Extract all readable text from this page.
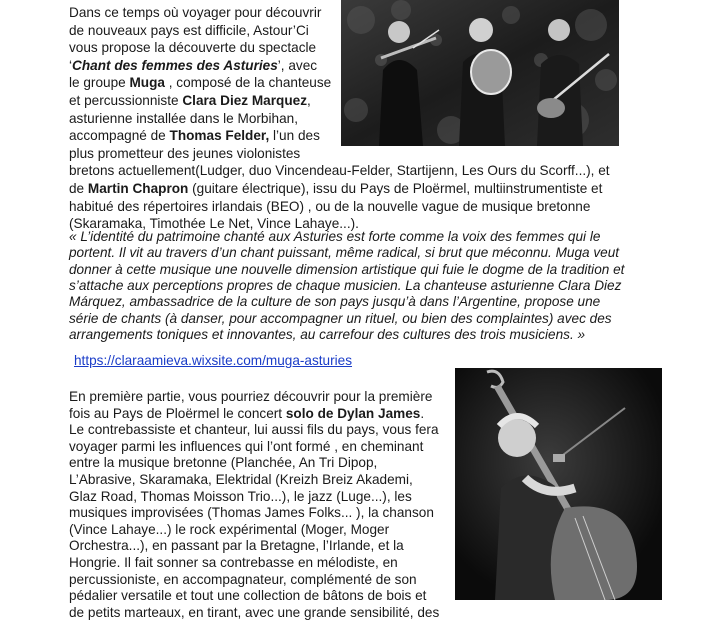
Dans ce temps où voyager pour découvrir
de nouveaux pays est difficile, Astour’Ci
vous propose la découverte du spectacle
‘Chant des femmes des Asturies’, avec
le groupe Muga , composé de la chanteuse
et percussionniste Clara Diez Marquez,
asturienne installée dans le Morbihan,
accompagné de Thomas Felder, l’un des
plus prometteur des jeunes violonistes
bretons actuellement(Ludger, duo Vincendeau-Felder, Startijenn, Les Ours du Scorff...), et
de Martin Chapron (guitare électrique), issu du Pays de Ploërmel, multiinstrumentiste et
habitué des répertoires irlandais (BEO) , ou de la nouvelle vague de musique bretonne
(Skaramaka, Timothée Le Net, Vince Lahaye...).
« L’identité du patrimoine chanté aux Asturies est forte comme la voix des femmes qui le
portent. Il vit au travers d’un chant puissant, même radical, si brut que méconnu. Muga veut
donner à cette musique une nouvelle dimension artistique qui fuie le dogme de la tradition et
s’attache aux perceptions propres de chaque musicien. La chanteuse asturienne Clara Diez
Márquez, ambassadrice de la culture de son pays jusqu’à dans l’Argentine, propose une
série de chants (à danser, pour accompagner un rituel, ou bien des complaintes) avec des
arrangements toniques et innovantes, au carrefour des cultures des trois musiciens. »
https://claraamieva.wixsite.com/muga-asturies
En première partie, vous pourriez découvrir pour la première
fois au Pays de Ploërmel le concert solo de Dylan James.
Le contrebassiste et chanteur, lui aussi fils du pays, vous fera
voyager parmi les influences qui l’ont formé , en cheminant
entre la musique bretonne (Planchée, An Tri Dipop,
L’Abrasive, Skaramaka, Elektridal (Kreizh Breiz Akademi,
Glaz Road, Thomas Moisson Trio...), le jazz (Luge...), les
musiques improvisées (Thomas James Folks... ), la chanson
(Vince Lahaye...) le rock expérimental (Moger, Moger
Orchestra...), en passant par la Bretagne, l’Irlande, et la
Hongrie. Il fait sonner sa contrebasse en mélodiste, en
percussioniste, en accompagnateur, complémenté de son
pédalier versatile et tout une collection de bâtons de bois et
de petits marteaux, en tirant, avec une grande sensibilité, des
